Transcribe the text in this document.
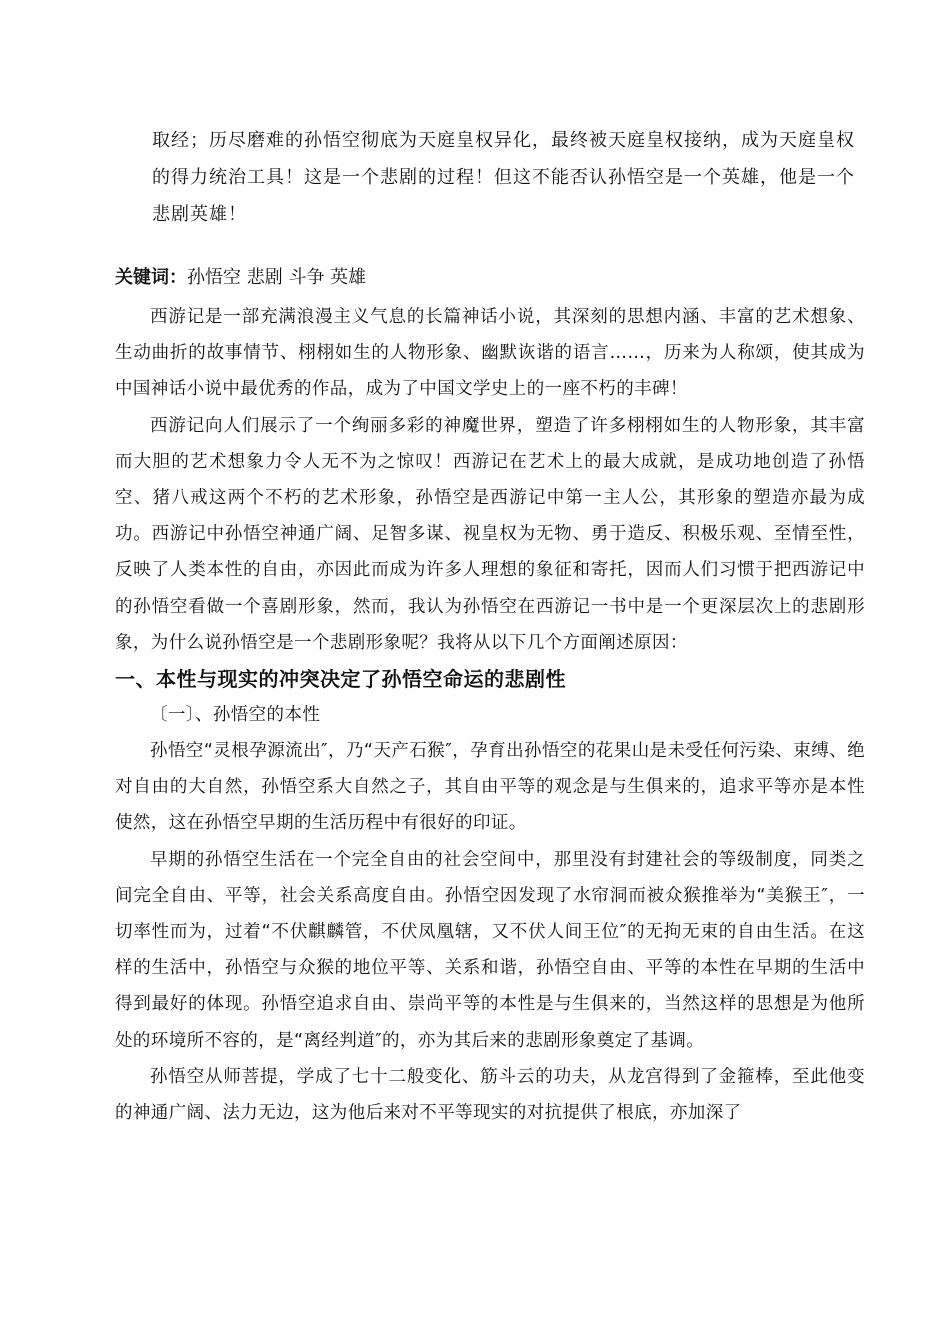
取经；历尽磨难的孙悟空彻底为天庭皇权异化，最终被天庭皇权接纳，成为天庭皇权的得力统治工具！这是一个悲剧的过程！但这不能否认孙悟空是一个英雄，他是一个悲剧英雄！
关键词：孙悟空 悲剧 斗争 英雄

西游记是一部充满浪漫主义气息的长篇神话小说，其深刻的思想内涵、丰富的艺术想象、生动曲折的故事情节、栩栩如生的人物形象、幽默诙谐的语言……，历来为人称颂，使其成为中国神话小说中最优秀的作品，成为了中国文学史上的一座不朽的丰碑！

西游记向人们展示了一个绚丽多彩的神魔世界，塑造了许多栩栩如生的人物形象，其丰富而大胆的艺术想象力令人无不为之惊叹！西游记在艺术上的最大成就，是成功地创造了孙悟空、猪八戒这两个不朽的艺术形象，孙悟空是西游记中第一主人公，其形象的塑造亦最为成功。西游记中孙悟空神通广阔、足智多谋、视皇权为无物、勇于造反、积极乐观、至情至性，反映了人类本性的自由，亦因此而成为许多人理想的象征和寄托，因而人们习惯于把西游记中的孙悟空看做一个喜剧形象，然而，我认为孙悟空在西游记一书中是一个更深层次上的悲剧形象，为什么说孙悟空是一个悲剧形象呢？我将从以下几个方面阐述原因：

一、本性与现实的冲突决定了孙悟空命运的悲剧性
〔一〕、孙悟空的本性

孙悟空“灵根孕源流出″，乃“天产石猴″，孕育出孙悟空的花果山是未受任何污染、束缚、绝对自由的大自然，孙悟空系大自然之子，其自由平等的观念是与生俱来的，追求平等亦是本性使然，这在孙悟空早期的生活历程中有很好的印证。

早期的孙悟空生活在一个完全自由的社会空间中，那里没有封建社会的等级制度，同类之间完全自由、平等，社会关系高度自由。孙悟空因发现了水帘洞而被众猴推举为“美猴王″，一切率性而为，过着“不伏麒麟管，不伏凤凰辖，又不伏人间王位″的无拘无束的自由生活。在这样的生活中，孙悟空与众猴的地位平等、关系和谐，孙悟空自由、平等的本性在早期的生活中得到最好的体现。孙悟空追求自由、崇尚平等的本性是与生俱来的，当然这样的思想是为他所处的环境所不容的，是“离经判道″的，亦为其后来的悲剧形象奠定了基调。

孙悟空从师菩提，学成了七十二般变化、筋斗云的功夫，从龙宫得到了金箍棒，至此他变的神通广阔、法力无边，这为他后来对不平等现实的对抗提供了根底，亦加深了
